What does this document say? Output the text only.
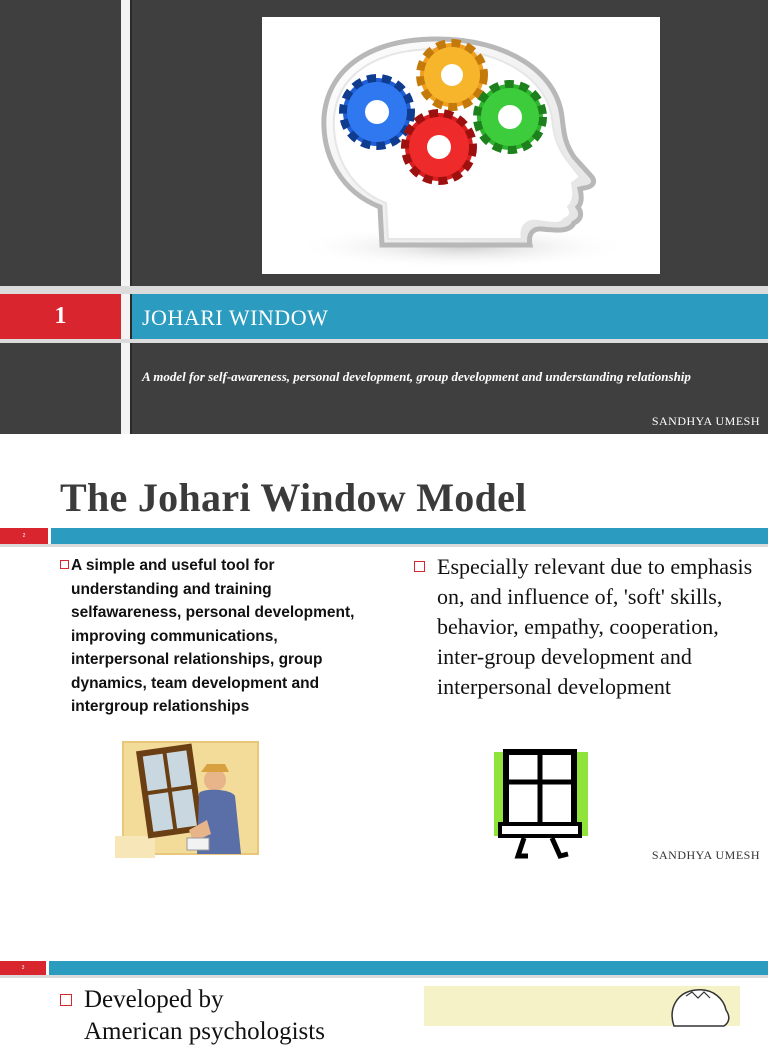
1	JOHARI WINDOW
A model for self-awareness, personal development, group development and understanding relationship
SANDHYA UMESH
The Johari Window Model
2
A simple and useful tool for understanding and training selfawareness, personal development, improving communications, interpersonal relationships, group dynamics, team development and intergroup relationships
Especially relevant due to emphasis on, and influence of, 'soft' skills, behavior, empathy, cooperation, inter-group development and interpersonal development
SANDHYA UMESH
3
Developed by
American psychologists
